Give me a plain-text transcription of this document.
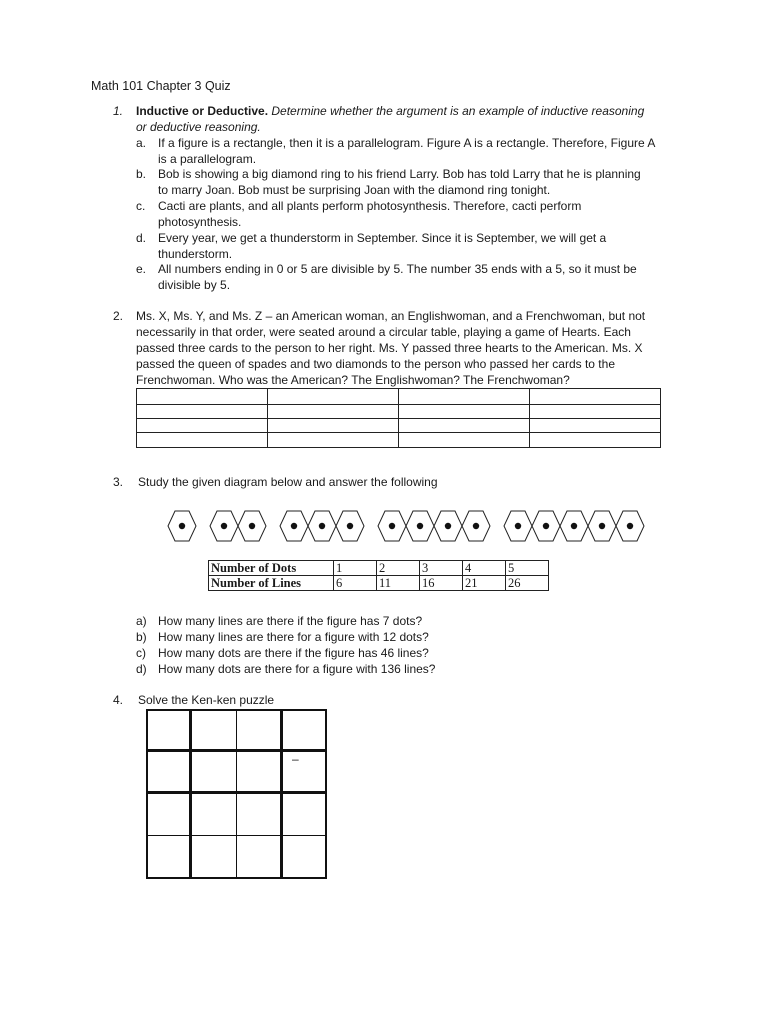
Math 101 Chapter 3 Quiz
1. Inductive or Deductive. Determine whether the argument is an example of inductive reasoning
or deductive reasoning.
a. If a figure is a rectangle, then it is a parallelogram. Figure A is a rectangle. Therefore, Figure A
is a parallelogram.
b. Bob is showing a big diamond ring to his friend Larry. Bob has told Larry that he is planning
to marry Joan. Bob must be surprising Joan with the diamond ring tonight.
c. Cacti are plants, and all plants perform photosynthesis. Therefore, cacti perform
photosynthesis.
d. Every year, we get a thunderstorm in September. Since it is September, we will get a
thunderstorm.
e. All numbers ending in 0 or 5 are divisible by 5. The number 35 ends with a 5, so it must be
divisible by 5.
2. Ms. X, Ms. Y, and Ms. Z – an American woman, an Englishwoman, and a Frenchwoman, but not
necessarily in that order, were seated around a circular table, playing a game of Hearts. Each
passed three cards to the person to her right. Ms. Y passed three hearts to the American. Ms. X
passed the queen of spades and two diamonds to the person who passed her cards to the
Frenchwoman. Who was the American? The Englishwoman? The Frenchwoman?

3. Study the given diagram below and answer the following
Number of Dots	1	2	3	4	5
Number of Lines	6	11	16	21	26
a) How many lines are there if the figure has 7 dots?
b) How many lines are there for a figure with 12 dots?
c) How many dots are there if the figure has 46 lines?
d) How many dots are there for a figure with 136 lines?
4. Solve the Ken-ken puzzle
–
